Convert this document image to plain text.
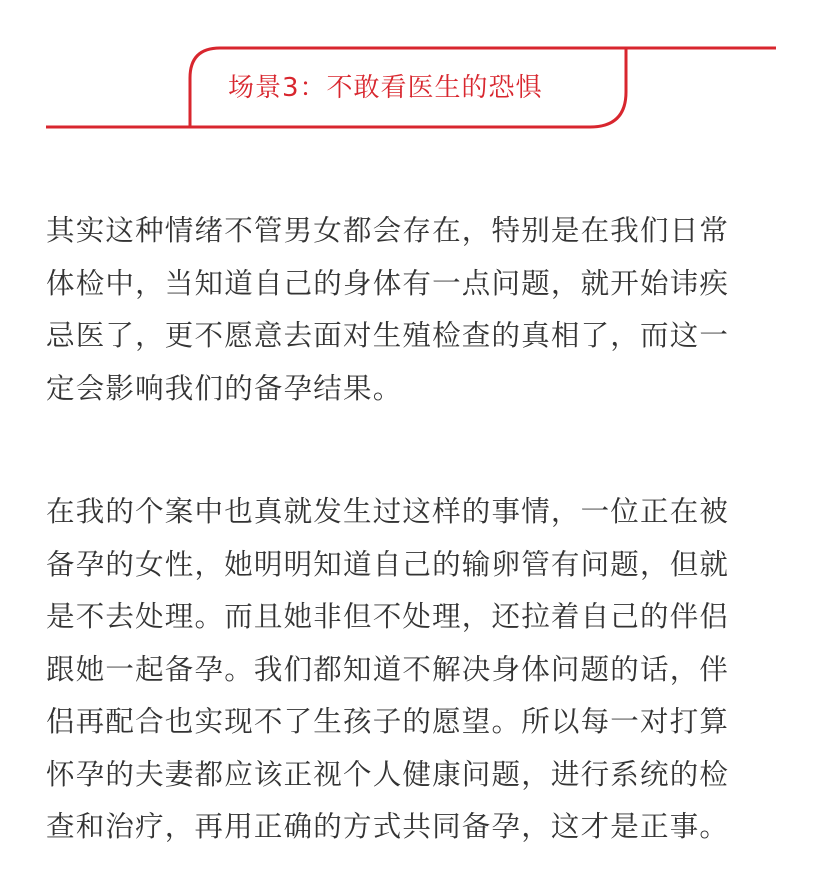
场景3：不敢看医生的恐惧

其实这种情绪不管男女都会存在，特别是在我们日常
体检中，当知道自己的身体有一点问题，就开始讳疾
忌医了，更不愿意去面对生殖检查的真相了，而这一
定会影响我们的备孕结果。

在我的个案中也真就发生过这样的事情，一位正在被
备孕的女性，她明明知道自己的输卵管有问题，但就
是不去处理。而且她非但不处理，还拉着自己的伴侣
跟她一起备孕。我们都知道不解决身体问题的话，伴
侣再配合也实现不了生孩子的愿望。所以每一对打算
怀孕的夫妻都应该正视个人健康问题，进行系统的检
查和治疗，再用正确的方式共同备孕，这才是正事。
